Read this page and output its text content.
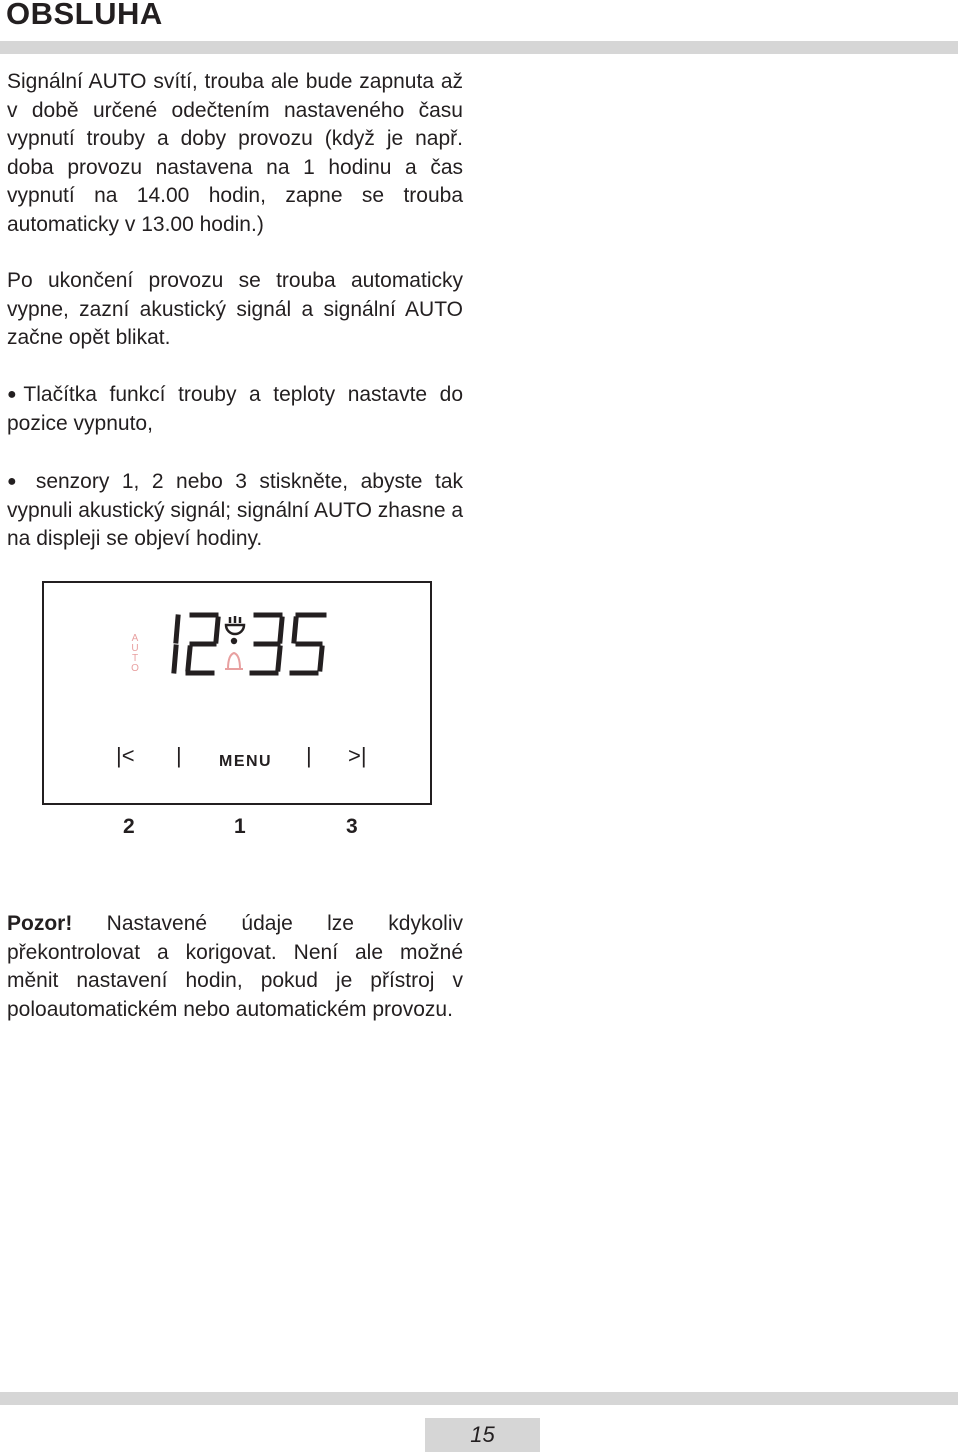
OBSLUHA

Signální AUTO svítí, trouba ale bude zapnuta až v době určené odečtením nastaveného času vypnutí trouby a doby provozu (když je např. doba provozu nastavena na 1 hodinu a čas vypnutí na 14.00 hodin, zapne se trouba automaticky v 13.00 hodin.)

Po ukončení provozu se trouba automaticky vypne, zazní akustický signál a signální AUTO začne opět blikat.

●Tlačítka funkcí trouby a teploty nastavte do pozice vypnuto,

● senzory 1, 2 nebo 3 stiskněte, abyste tak vypnuli akustický signál; signální AUTO zhasne a na displeji se objeví hodiny.

Pozor! Nastavené údaje lze kdykoliv překontrolovat a korigovat. Není ale možné měnit nastavení hodin, pokud je přístroj v poloautomatickém nebo automatickém provozu.

A
U
T
O
|< | MENU | >|
2	1	3
15
